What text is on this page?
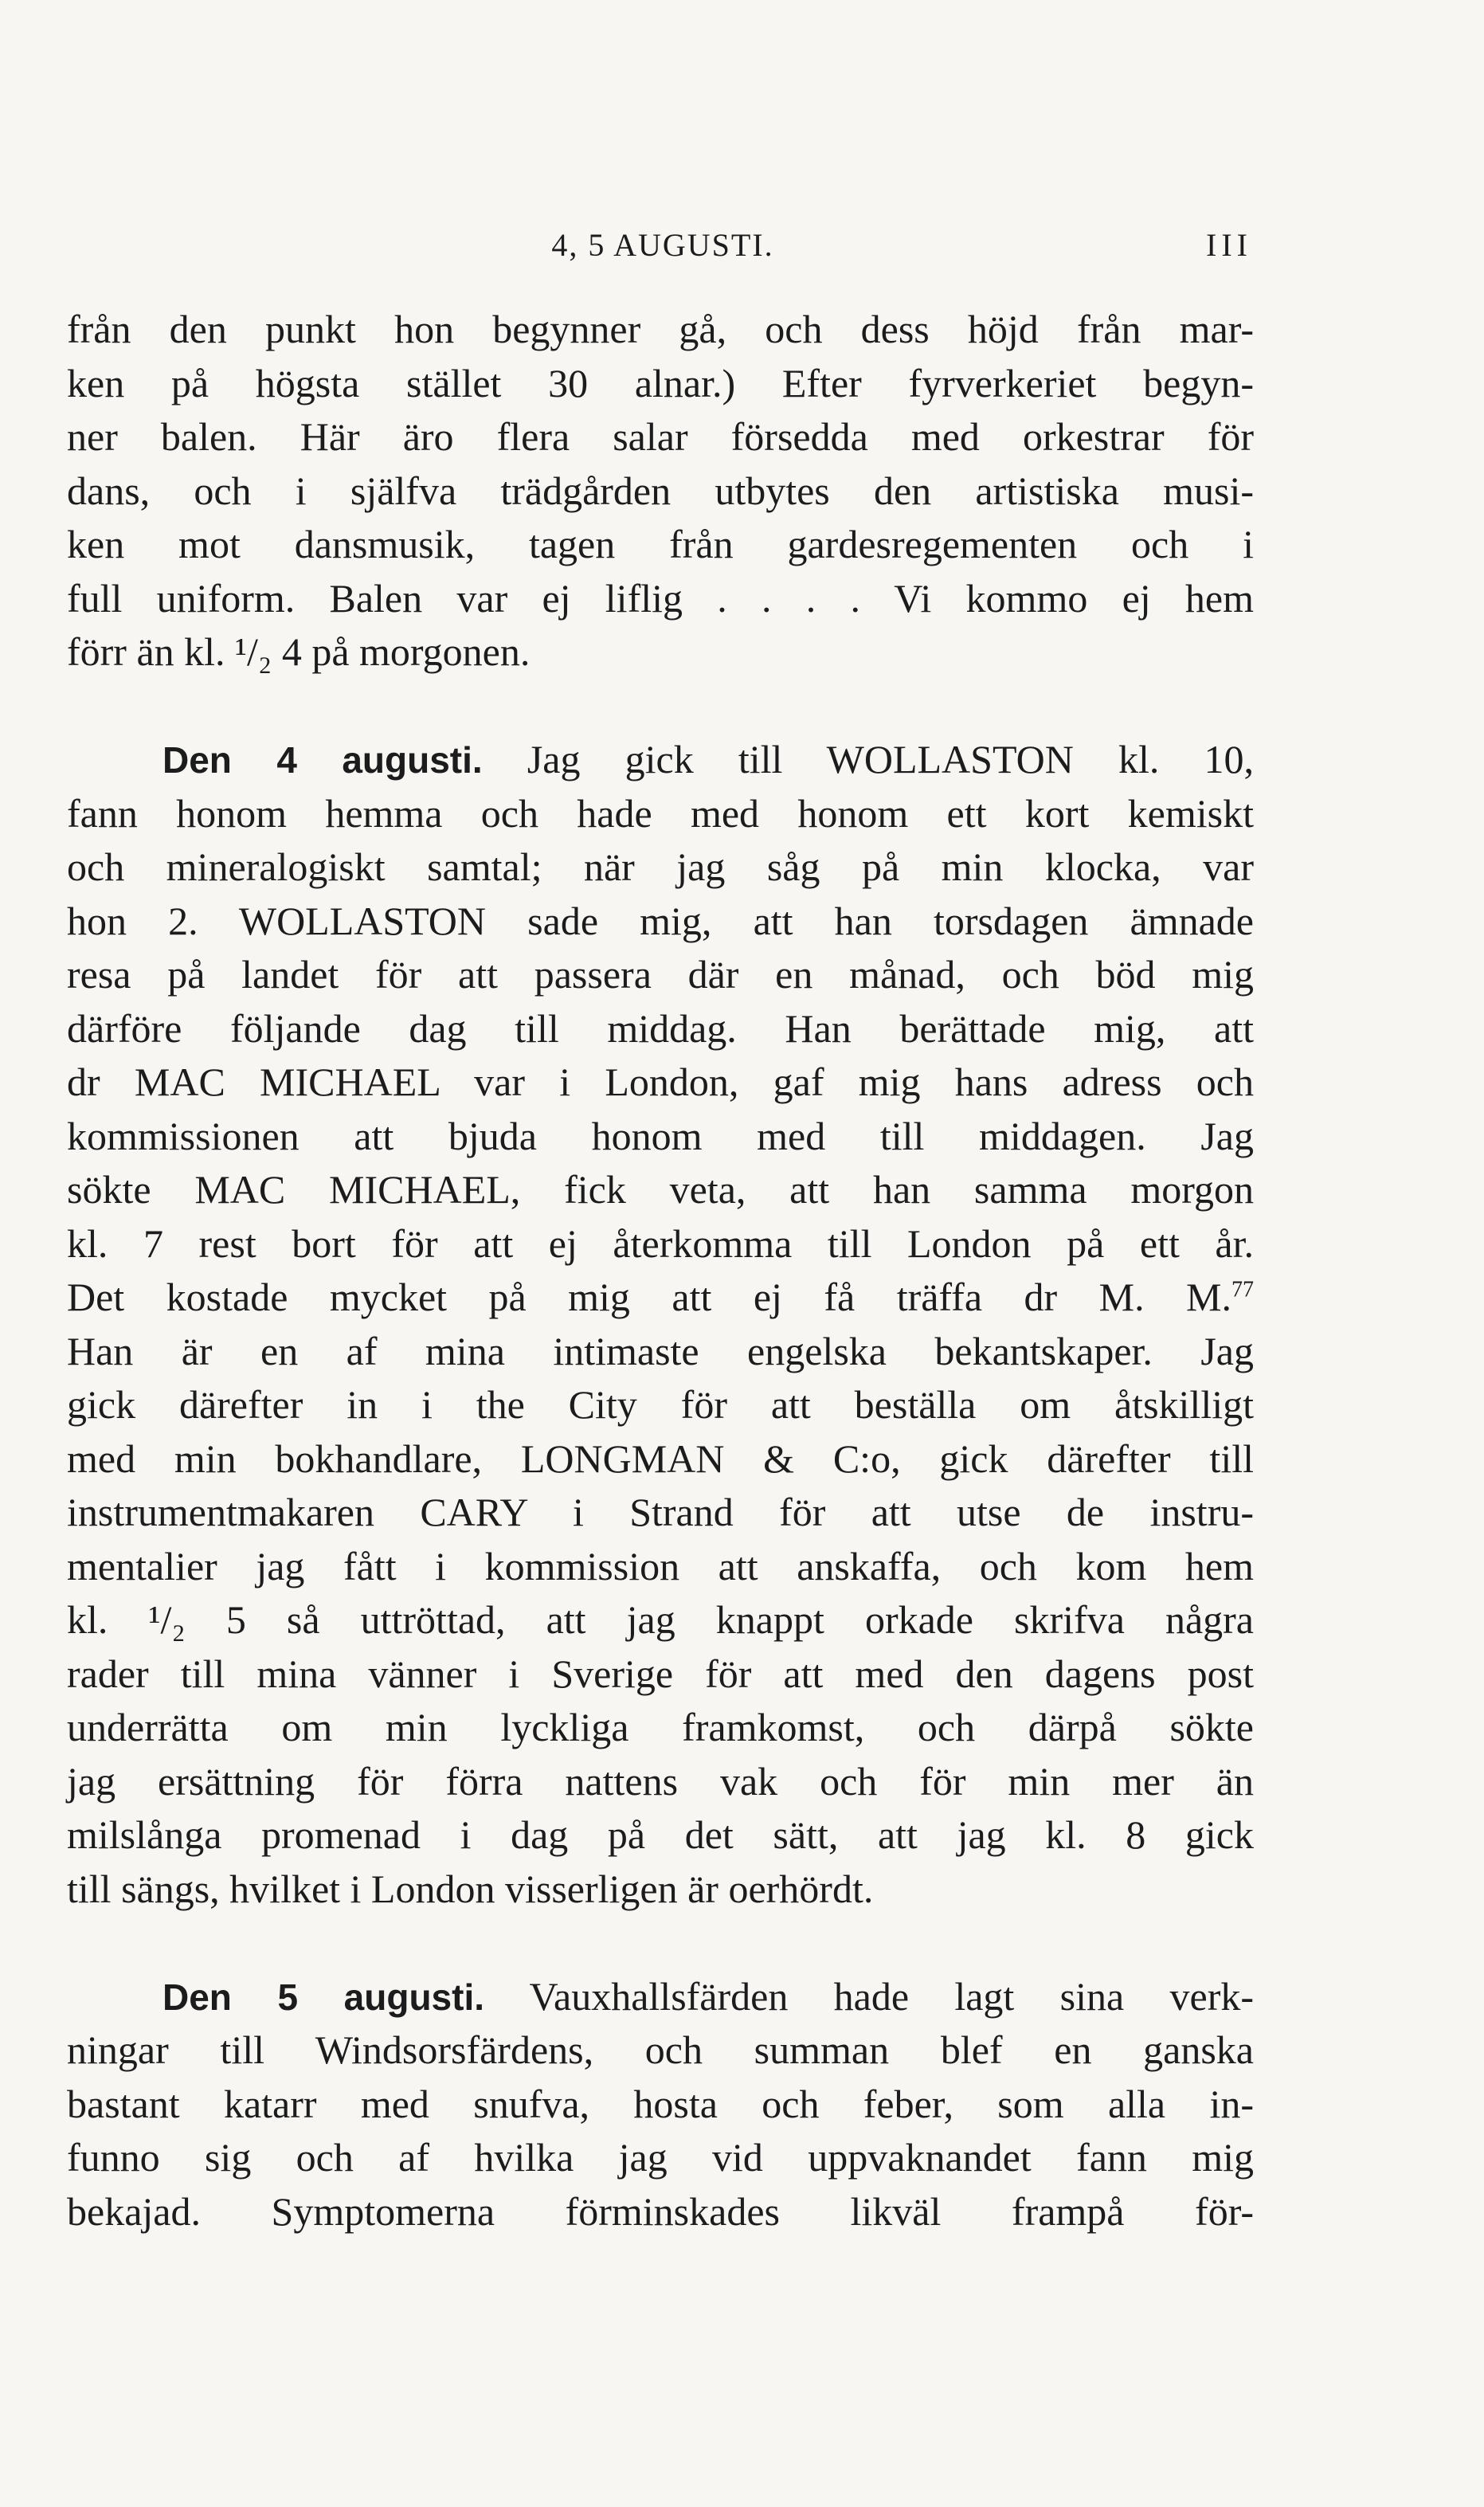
4, 5 AUGUSTI.	III
från den punkt hon begynner gå, och dess höjd från mar-
ken på högsta stället 30 alnar.) Efter fyrverkeriet begyn-
ner balen. Här äro flera salar försedda med orkestrar för
dans, och i själfva trädgården utbytes den artistiska musi-
ken mot dansmusik, tagen från gardesregementen och i
full uniform. Balen var ej liflig . . . . Vi kommo ej hem
förr än kl. ¹/₂ 4 på morgonen.
Den 4 augusti. Jag gick till WOLLASTON kl. 10,
fann honom hemma och hade med honom ett kort kemiskt
och mineralogiskt samtal; när jag såg på min klocka, var
hon 2. WOLLASTON sade mig, att han torsdagen ämnade
resa på landet för att passera där en månad, och böd mig
därföre följande dag till middag. Han berättade mig, att
dr MAC MICHAEL var i London, gaf mig hans adress och
kommissionen att bjuda honom med till middagen. Jag
sökte MAC MICHAEL, fick veta, att han samma morgon
kl. 7 rest bort för att ej återkomma till London på ett år.
Det kostade mycket på mig att ej få träffa dr M. M.$^{77}$
Han är en af mina intimaste engelska bekantskaper. Jag
gick därefter in i the City för att beställa om åtskilligt
med min bokhandlare, LONGMAN & C:o, gick därefter till
instrumentmakaren CARY i Strand för att utse de instru-
mentalier jag fått i kommission att anskaffa, och kom hem
kl. ¹/₂ 5 så uttröttad, att jag knappt orkade skrifva några
rader till mina vänner i Sverige för att med den dagens post
underrätta om min lyckliga framkomst, och därpå sökte
jag ersättning för förra nattens vak och för min mer än
milslånga promenad i dag på det sätt, att jag kl. 8 gick
till sängs, hvilket i London visserligen är oerhördt.
Den 5 augusti. Vauxhallsfärden hade lagt sina verk-
ningar till Windsorsfärdens, och summan blef en ganska
bastant katarr med snufva, hosta och feber, som alla in-
funno sig och af hvilka jag vid uppvaknandet fann mig
bekajad. Symptomerna förminskades likväl frampå för-
